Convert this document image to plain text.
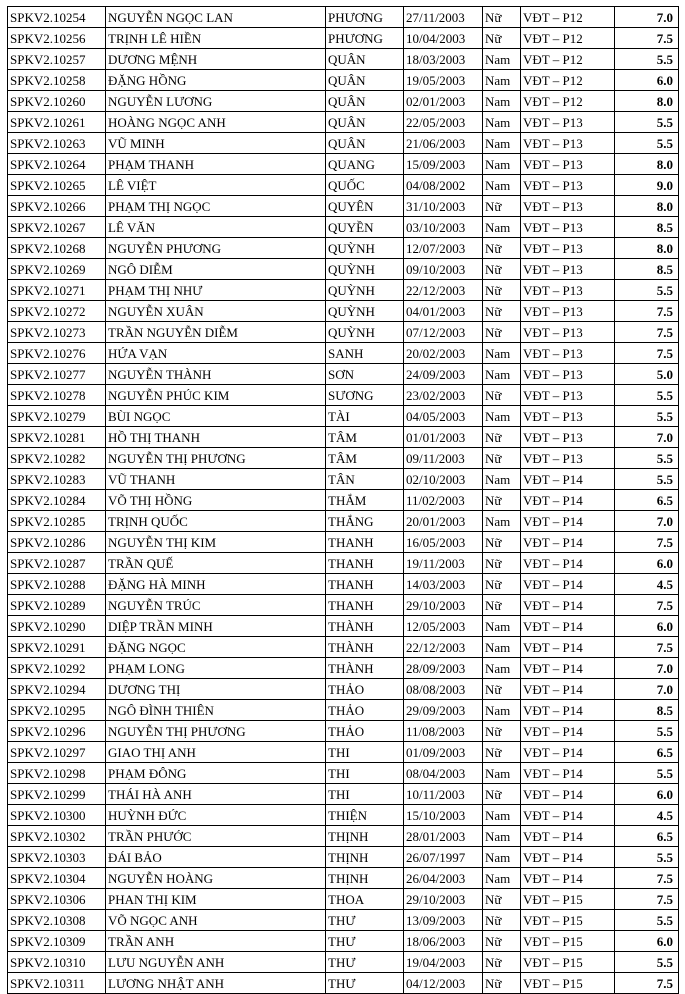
SPKV2.10254	NGUYỄN NGỌC LAN	PHƯƠNG	27/11/2003	Nữ	VĐT – P12	7.0
SPKV2.10256	TRỊNH LÊ HIỀN	PHƯƠNG	10/04/2003	Nữ	VĐT – P12	7.5
SPKV2.10257	DƯƠNG MỆNH	QUÂN	18/03/2003	Nam	VĐT – P12	5.5
SPKV2.10258	ĐẶNG HỒNG	QUÂN	19/05/2003	Nam	VĐT – P12	6.0
SPKV2.10260	NGUYỄN LƯƠNG	QUÂN	02/01/2003	Nam	VĐT – P12	8.0
SPKV2.10261	HOÀNG NGỌC ANH	QUÂN	22/05/2003	Nam	VĐT – P13	5.5
SPKV2.10263	VŨ MINH	QUÂN	21/06/2003	Nam	VĐT – P13	5.5
SPKV2.10264	PHẠM THANH	QUANG	15/09/2003	Nam	VĐT – P13	8.0
SPKV2.10265	LÊ VIỆT	QUỐC	04/08/2002	Nam	VĐT – P13	9.0
SPKV2.10266	PHẠM THỊ NGỌC	QUYÊN	31/10/2003	Nữ	VĐT – P13	8.0
SPKV2.10267	LÊ VĂN	QUYỀN	03/10/2003	Nam	VĐT – P13	8.5
SPKV2.10268	NGUYỄN PHƯƠNG	QUỲNH	12/07/2003	Nữ	VĐT – P13	8.0
SPKV2.10269	NGÔ DIỄM	QUỲNH	09/10/2003	Nữ	VĐT – P13	8.5
SPKV2.10271	PHẠM THỊ NHƯ	QUỲNH	22/12/2003	Nữ	VĐT – P13	5.5
SPKV2.10272	NGUYỄN XUÂN	QUỲNH	04/01/2003	Nữ	VĐT – P13	7.5
SPKV2.10273	TRẦN NGUYỄN DIỄM	QUỲNH	07/12/2003	Nữ	VĐT – P13	7.5
SPKV2.10276	HỨA VẠN	SANH	20/02/2003	Nam	VĐT – P13	7.5
SPKV2.10277	NGUYỄN THÀNH	SƠN	24/09/2003	Nam	VĐT – P13	5.0
SPKV2.10278	NGUYỄN PHÚC KIM	SƯƠNG	23/02/2003	Nữ	VĐT – P13	5.5
SPKV2.10279	BÙI NGỌC	TÀI	04/05/2003	Nam	VĐT – P13	5.5
SPKV2.10281	HỒ THỊ THANH	TÂM	01/01/2003	Nữ	VĐT – P13	7.0
SPKV2.10282	NGUYỄN THỊ PHƯƠNG	TÂM	09/11/2003	Nữ	VĐT – P13	5.5
SPKV2.10283	VŨ THANH	TÂN	02/10/2003	Nam	VĐT – P14	5.5
SPKV2.10284	VÕ THỊ HỒNG	THẮM	11/02/2003	Nữ	VĐT – P14	6.5
SPKV2.10285	TRỊNH QUỐC	THẮNG	20/01/2003	Nam	VĐT – P14	7.0
SPKV2.10286	NGUYỄN THỊ KIM	THANH	16/05/2003	Nữ	VĐT – P14	7.5
SPKV2.10287	TRẦN QUẾ	THANH	19/11/2003	Nữ	VĐT – P14	6.0
SPKV2.10288	ĐẶNG HÀ MINH	THANH	14/03/2003	Nữ	VĐT – P14	4.5
SPKV2.10289	NGUYỄN TRÚC	THANH	29/10/2003	Nữ	VĐT – P14	7.5
SPKV2.10290	DIỆP TRẦN MINH	THÀNH	12/05/2003	Nam	VĐT – P14	6.0
SPKV2.10291	ĐẶNG NGỌC	THÀNH	22/12/2003	Nam	VĐT – P14	7.5
SPKV2.10292	PHẠM LONG	THÀNH	28/09/2003	Nam	VĐT – P14	7.0
SPKV2.10294	DƯƠNG THỊ	THẢO	08/08/2003	Nữ	VĐT – P14	7.0
SPKV2.10295	NGÔ ĐÌNH THIÊN	THẢO	29/09/2003	Nam	VĐT – P14	8.5
SPKV2.10296	NGUYỄN THỊ PHƯƠNG	THẢO	11/08/2003	Nữ	VĐT – P14	5.5
SPKV2.10297	GIAO THỊ ANH	THI	01/09/2003	Nữ	VĐT – P14	6.5
SPKV2.10298	PHẠM ĐÔNG	THI	08/04/2003	Nam	VĐT – P14	5.5
SPKV2.10299	THÁI HÀ ANH	THI	10/11/2003	Nữ	VĐT – P14	6.0
SPKV2.10300	HUỲNH ĐỨC	THIỆN	15/10/2003	Nam	VĐT – P14	4.5
SPKV2.10302	TRẦN PHƯỚC	THỊNH	28/01/2003	Nam	VĐT – P14	6.5
SPKV2.10303	ĐÁI BẢO	THỊNH	26/07/1997	Nam	VĐT – P14	5.5
SPKV2.10304	NGUYỄN HOÀNG	THỊNH	26/04/2003	Nam	VĐT – P14	7.5
SPKV2.10306	PHAN THỊ KIM	THOA	29/10/2003	Nữ	VĐT – P15	7.5
SPKV2.10308	VÕ NGỌC ANH	THƯ	13/09/2003	Nữ	VĐT – P15	5.5
SPKV2.10309	TRẦN ANH	THƯ	18/06/2003	Nữ	VĐT – P15	6.0
SPKV2.10310	LƯU NGUYỄN ANH	THƯ	19/04/2003	Nữ	VĐT – P15	5.5
SPKV2.10311	LƯƠNG NHẬT ANH	THƯ	04/12/2003	Nữ	VĐT – P15	7.5
